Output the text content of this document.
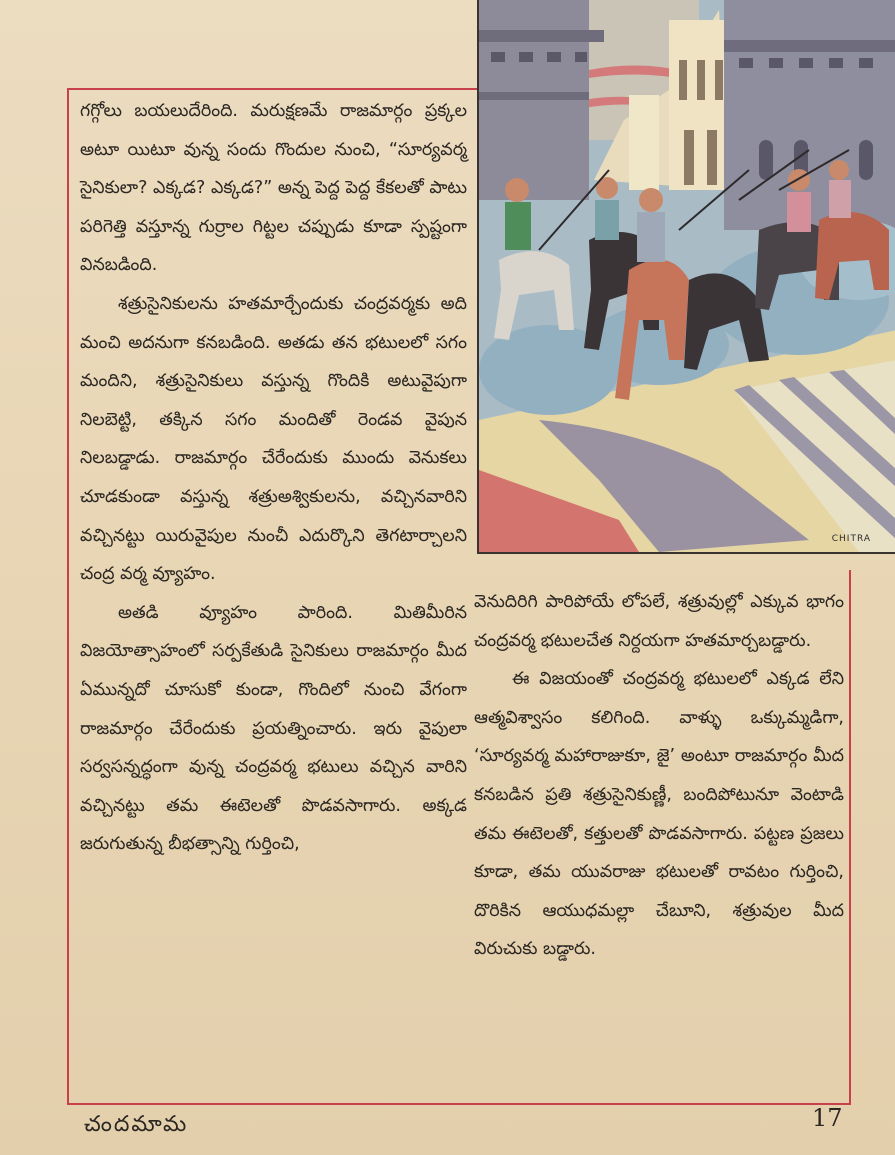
CHITRA

గగ్గోలు బయలుదేరింది. మరుక్షణమే రాజమార్గం ప్రక్కల అటూ యిటూ వున్న సందు గొందుల నుంచి, “సూర్యవర్మ సైనికులా? ఎక్కడ? ఎక్కడ?” అన్న పెద్ద పెద్ద కేకలతో పాటు పరిగెత్తి వస్తూన్న గుర్రాల గిట్టల చప్పుడు కూడా స్పష్టంగా వినబడింది.

శత్రుసైనికులను హతమార్చేందుకు చంద్రవర్మకు అది మంచి అదనుగా కనబడింది. అతడు తన భటులలో సగం మందిని, శత్రుసైనికులు వస్తున్న గొందికి అటువైపుగా నిలబెట్టి, తక్కిన సగం మందితో రెండవ వైపున నిలబడ్డాడు. రాజమార్గం చేరేందుకు ముందు వెనుకలు చూడకుండా వస్తున్న శత్రుఅశ్వికులను, వచ్చినవారిని వచ్చినట్టు యిరువైపుల నుంచీ ఎదుర్కొని తెగటార్చాలని చంద్ర వర్మ వ్యూహం.

అతడి వ్యూహం పారింది. మితిమీరిన విజయోత్సాహంలో సర్పకేతుడి సైనికులు రాజమార్గం మీద ఏమున్నదో చూసుకో కుండా, గొందిలో నుంచి వేగంగా రాజమార్గం చేరేందుకు ప్రయత్నించారు. ఇరు వైపులా సర్వసన్నద్ధంగా వున్న చంద్రవర్మ భటులు వచ్చిన వారిని వచ్చినట్టు తమ ఈటెలతో పొడవసాగారు. అక్కడ జరుగుతున్న బీభత్సాన్ని గుర్తించి,

వెనుదిరిగి పారిపోయే లోపలే, శత్రువుల్లో ఎక్కువ భాగం చంద్రవర్మ భటులచేత నిర్దయగా హతమార్చబడ్డారు.

ఈ విజయంతో చంద్రవర్మ భటులలో ఎక్కడ లేని ఆత్మవిశ్వాసం కలిగింది. వాళ్ళు ఒక్కుమ్మడిగా, ‘సూర్యవర్మ మహారాజుకూ, జై’ అంటూ రాజమార్గం మీద కనబడిన ప్రతి శత్రుసైనికుణ్ణీ, బందిపోటునూ వెంటాడి తమ ఈటెలతో, కత్తులతో పొడవసాగారు. పట్టణ ప్రజలు కూడా, తమ యువరాజు భటులతో రావటం గుర్తించి, దొరికిన ఆయుధమల్లా చేబూని, శత్రువుల మీద విరుచుకు బడ్డారు.

చందమామ	17
